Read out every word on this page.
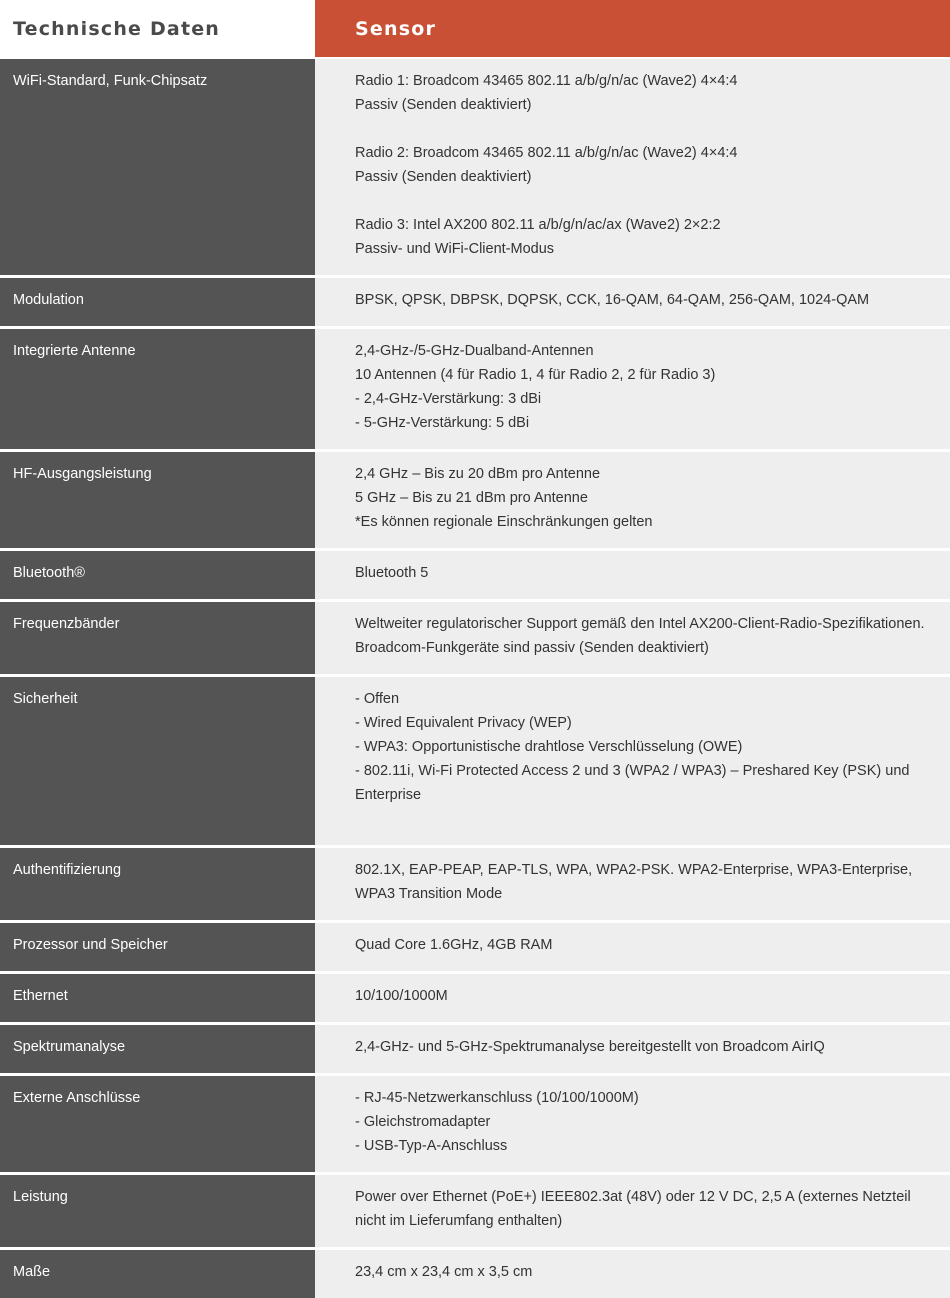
Technische Daten	Sensor
WiFi-Standard, Funk-Chipsatz	Radio 1: Broadcom 43465 802.11 a/b/g/n/ac (Wave2) 4×4:4
Passiv (Senden deaktiviert)
Radio 2: Broadcom 43465 802.11 a/b/g/n/ac (Wave2) 4×4:4
Passiv (Senden deaktiviert)
Radio 3: Intel AX200 802.11 a/b/g/n/ac/ax (Wave2) 2×2:2
Passiv- und WiFi-Client-Modus
Modulation	BPSK, QPSK, DBPSK, DQPSK, CCK, 16-QAM, 64-QAM, 256-QAM, 1024-QAM
Integrierte Antenne	2,4-GHz-/5-GHz-Dualband-Antennen
10 Antennen (4 für Radio 1, 4 für Radio 2, 2 für Radio 3)
- 2,4-GHz-Verstärkung: 3 dBi
- 5-GHz-Verstärkung: 5 dBi
HF-Ausgangsleistung	2,4 GHz – Bis zu 20 dBm pro Antenne
5 GHz – Bis zu 21 dBm pro Antenne
*Es können regionale Einschränkungen gelten
Bluetooth®	Bluetooth 5
Frequenzbänder	Weltweiter regulatorischer Support gemäß den Intel AX200-Client-Radio-Spezifikationen.
Broadcom-Funkgeräte sind passiv (Senden deaktiviert)
Sicherheit	- Offen
- Wired Equivalent Privacy (WEP)
- WPA3: Opportunistische drahtlose Verschlüsselung (OWE)
- 802.11i, Wi-Fi Protected Access 2 und 3 (WPA2 / WPA3) – Preshared Key (PSK) und Enterprise
Authentifizierung	802.1X, EAP-PEAP, EAP-TLS, WPA, WPA2-PSK. WPA2-Enterprise, WPA3-Enterprise, WPA3 Transition Mode
Prozessor und Speicher	Quad Core 1.6GHz, 4GB RAM
Ethernet	10/100/1000M
Spektrumanalyse	2,4-GHz- und 5-GHz-Spektrumanalyse bereitgestellt von Broadcom AirIQ
Externe Anschlüsse	- RJ-45-Netzwerkanschluss (10/100/1000M)
- Gleichstromadapter
- USB-Typ-A-Anschluss
Leistung	Power over Ethernet (PoE+) IEEE802.3at (48V) oder 12 V DC, 2,5 A (externes Netzteil nicht im Lieferumfang enthalten)
Maße	23,4 cm x 23,4 cm x 3,5 cm
